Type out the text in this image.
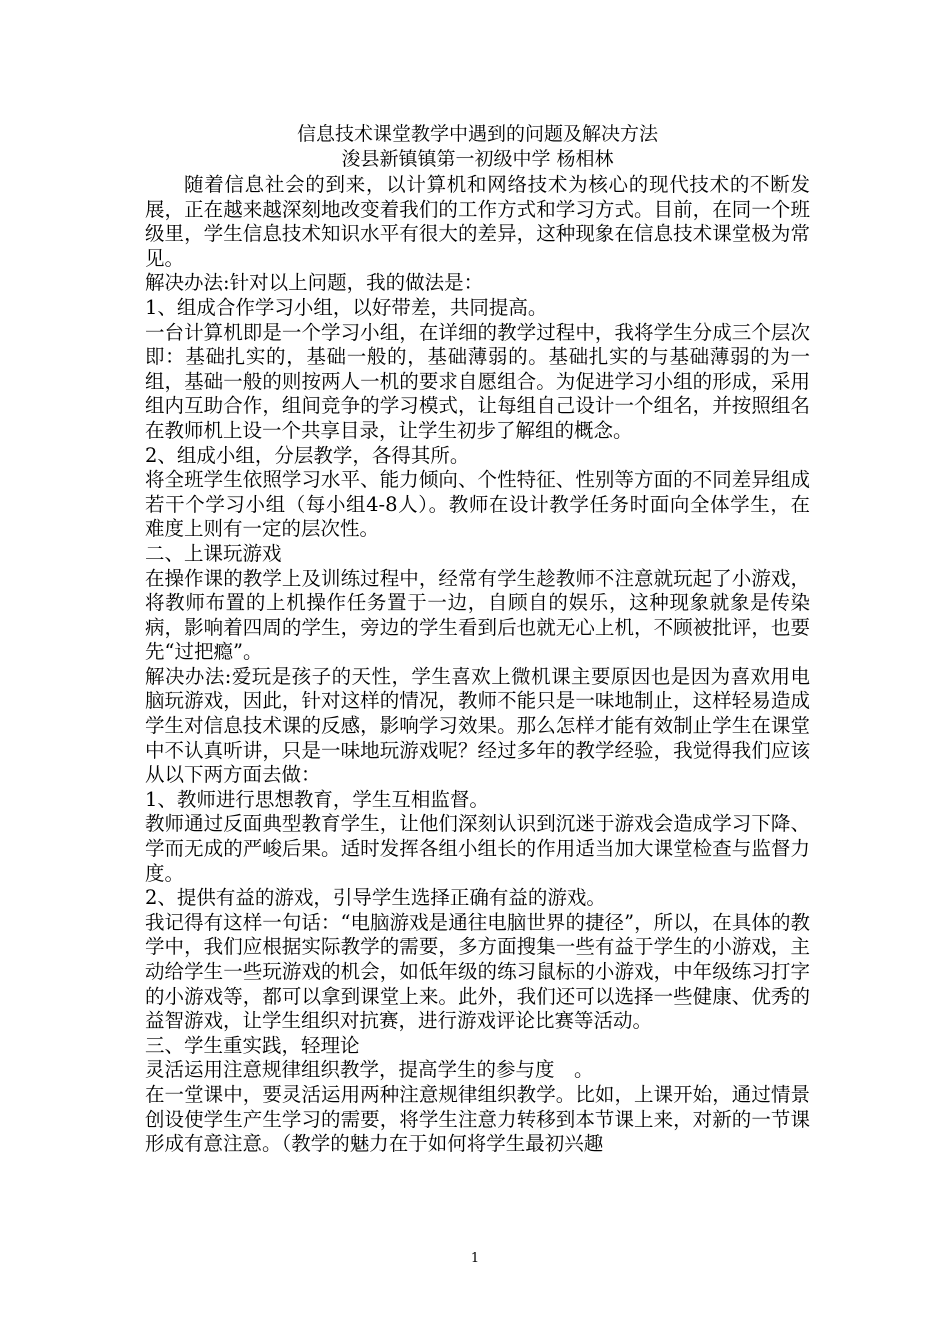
信息技术课堂教学中遇到的问题及解决方法

浚县新镇镇第一初级中学 杨相林

随着信息社会的到来，以计算机和网络技术为核心的现代技术的不断发展，正在越来越深刻地改变着我们的工作方式和学习方式。目前，在同一个班级里，学生信息技术知识水平有很大的差异，这种现象在信息技术课堂极为常见。

解决办法:针对以上问题，我的做法是：

1、组成合作学习小组，以好带差，共同提高。

一台计算机即是一个学习小组，在详细的教学过程中，我将学生分成三个层次即：基础扎实的，基础一般的，基础薄弱的。基础扎实的与基础薄弱的为一组，基础一般的则按两人一机的要求自愿组合。为促进学习小组的形成，采用组内互助合作，组间竞争的学习模式，让每组自己设计一个组名，并按照组名在教师机上设一个共享目录，让学生初步了解组的概念。

2、组成小组，分层教学，各得其所。

将全班学生依照学习水平、能力倾向、个性特征、性别等方面的不同差异组成若干个学习小组（每小组4-8人）。教师在设计教学任务时面向全体学生，在难度上则有一定的层次性。

二、上课玩游戏

在操作课的教学上及训练过程中，经常有学生趁教师不注意就玩起了小游戏，将教师布置的上机操作任务置于一边，自顾自的娱乐，这种现象就象是传染病，影响着四周的学生，旁边的学生看到后也就无心上机，不顾被批评，也要先“过把瘾”。

解决办法:爱玩是孩子的天性，学生喜欢上微机课主要原因也是因为喜欢用电脑玩游戏，因此，针对这样的情况，教师不能只是一味地制止，这样轻易造成学生对信息技术课的反感，影响学习效果。那么怎样才能有效制止学生在课堂中不认真听讲，只是一味地玩游戏呢？经过多年的教学经验，我觉得我们应该从以下两方面去做：

1、教师进行思想教育，学生互相监督。

教师通过反面典型教育学生，让他们深刻认识到沉迷于游戏会造成学习下降、学而无成的严峻后果。适时发挥各组小组长的作用适当加大课堂检查与监督力度。

2、提供有益的游戏，引导学生选择正确有益的游戏。

我记得有这样一句话：“电脑游戏是通往电脑世界的捷径”，所以，在具体的教学中，我们应根据实际教学的需要，多方面搜集一些有益于学生的小游戏，主动给学生一些玩游戏的机会，如低年级的练习鼠标的小游戏，中年级练习打字的小游戏等，都可以拿到课堂上来。此外，我们还可以选择一些健康、优秀的益智游戏，让学生组织对抗赛，进行游戏评论比赛等活动。

三、学生重实践，轻理论

灵活运用注意规律组织教学，提高学生的参与度　。

在一堂课中，要灵活运用两种注意规律组织教学。比如，上课开始，通过情景创设使学生产生学习的需要，将学生注意力转移到本节课上来，对新的一节课形成有意注意。（教学的魅力在于如何将学生最初兴趣

1
